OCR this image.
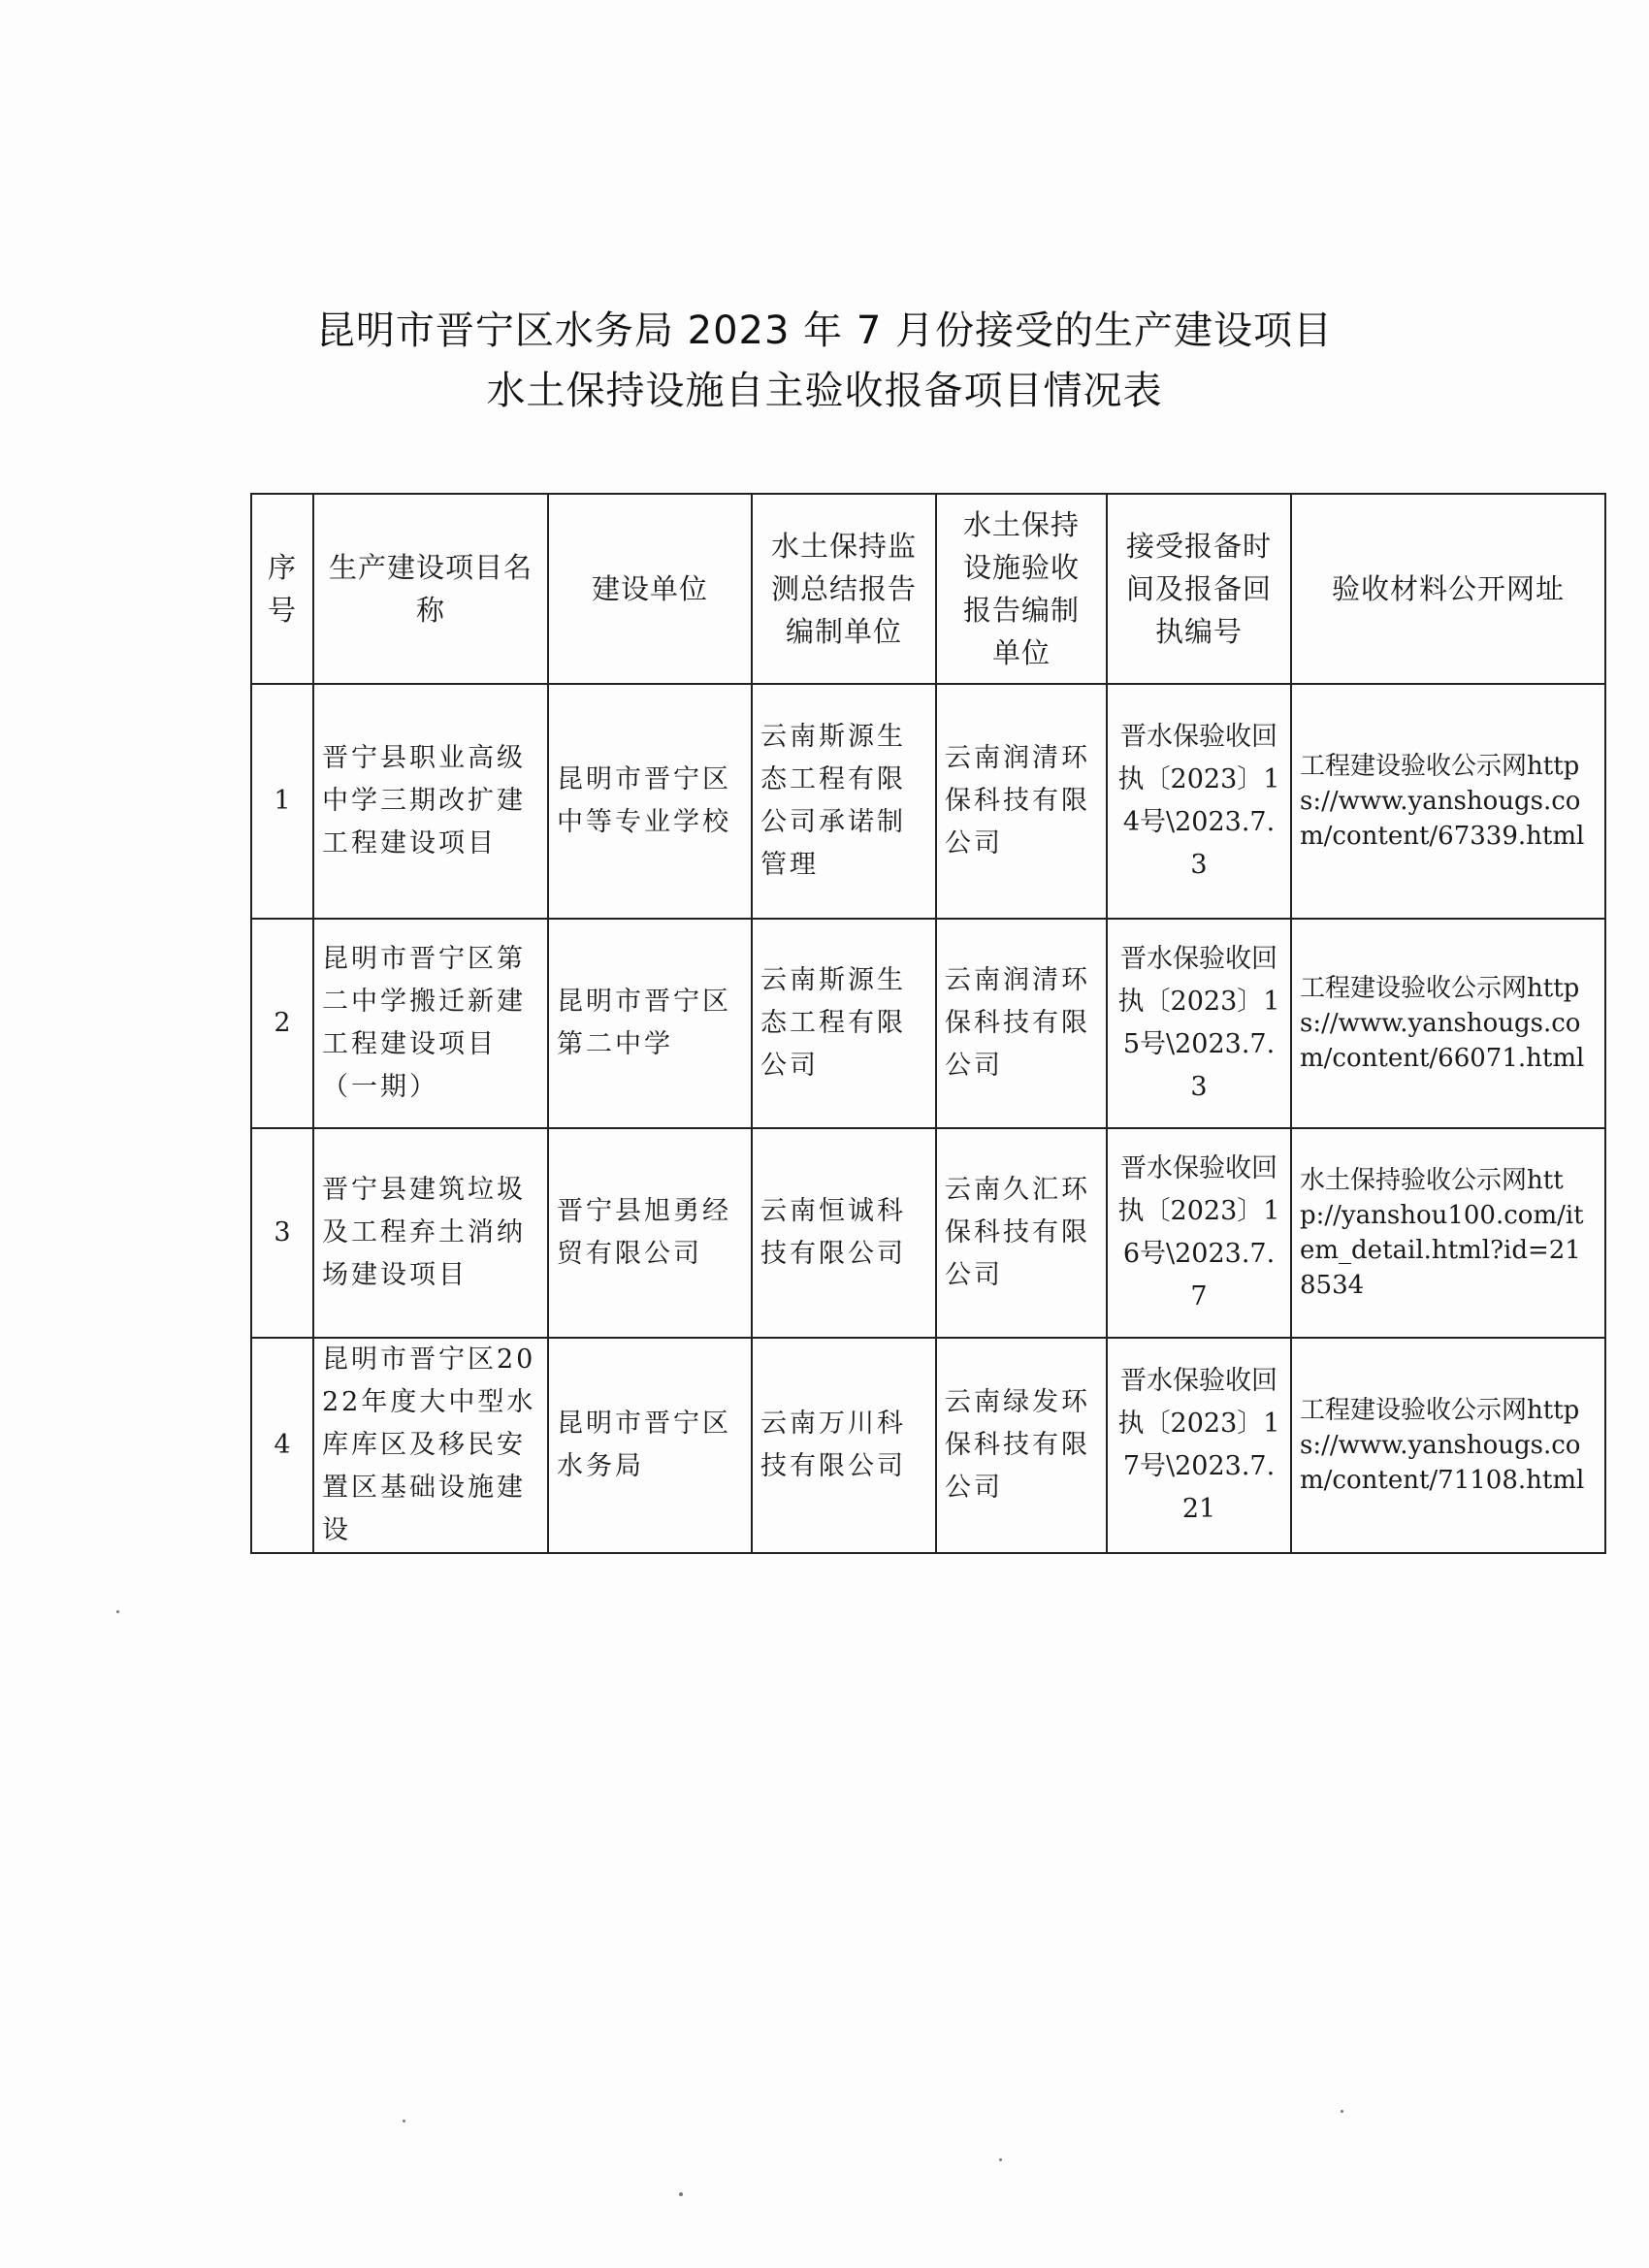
昆明市晋宁区水务局 2023 年 7 月份接受的生产建设项目
水土保持设施自主验收报备项目情况表
序号	生产建设项目名称	建设单位	水土保持监测总结报告编制单位	水土保持设施验收报告编制单位	接受报备时间及报备回执编号	验收材料公开网址
1	晋宁县职业高级中学三期改扩建工程建设项目	昆明市晋宁区中等专业学校	云南斯源生态工程有限公司承诺制管理	云南润清环保科技有限公司	晋水保验收回执〔2023〕14号\2023.7.3	工程建设验收公示网https://www.yanshougs.com/content/67339.html
2	昆明市晋宁区第二中学搬迁新建工程建设项目（一期）	昆明市晋宁区第二中学	云南斯源生态工程有限公司	云南润清环保科技有限公司	晋水保验收回执〔2023〕15号\2023.7.3	工程建设验收公示网https://www.yanshougs.com/content/66071.html
3	晋宁县建筑垃圾及工程弃土消纳场建设项目	晋宁县旭勇经贸有限公司	云南恒诚科技有限公司	云南久汇环保科技有限公司	晋水保验收回执〔2023〕16号\2023.7.7	水土保持验收公示网http://yanshou100.com/item_detail.html?id=218534
4	昆明市晋宁区2022年度大中型水库库区及移民安置区基础设施建设	昆明市晋宁区水务局	云南万川科技有限公司	云南绿发环保科技有限公司	晋水保验收回执〔2023〕17号\2023.7.21	工程建设验收公示网https://www.yanshougs.com/content/71108.html
